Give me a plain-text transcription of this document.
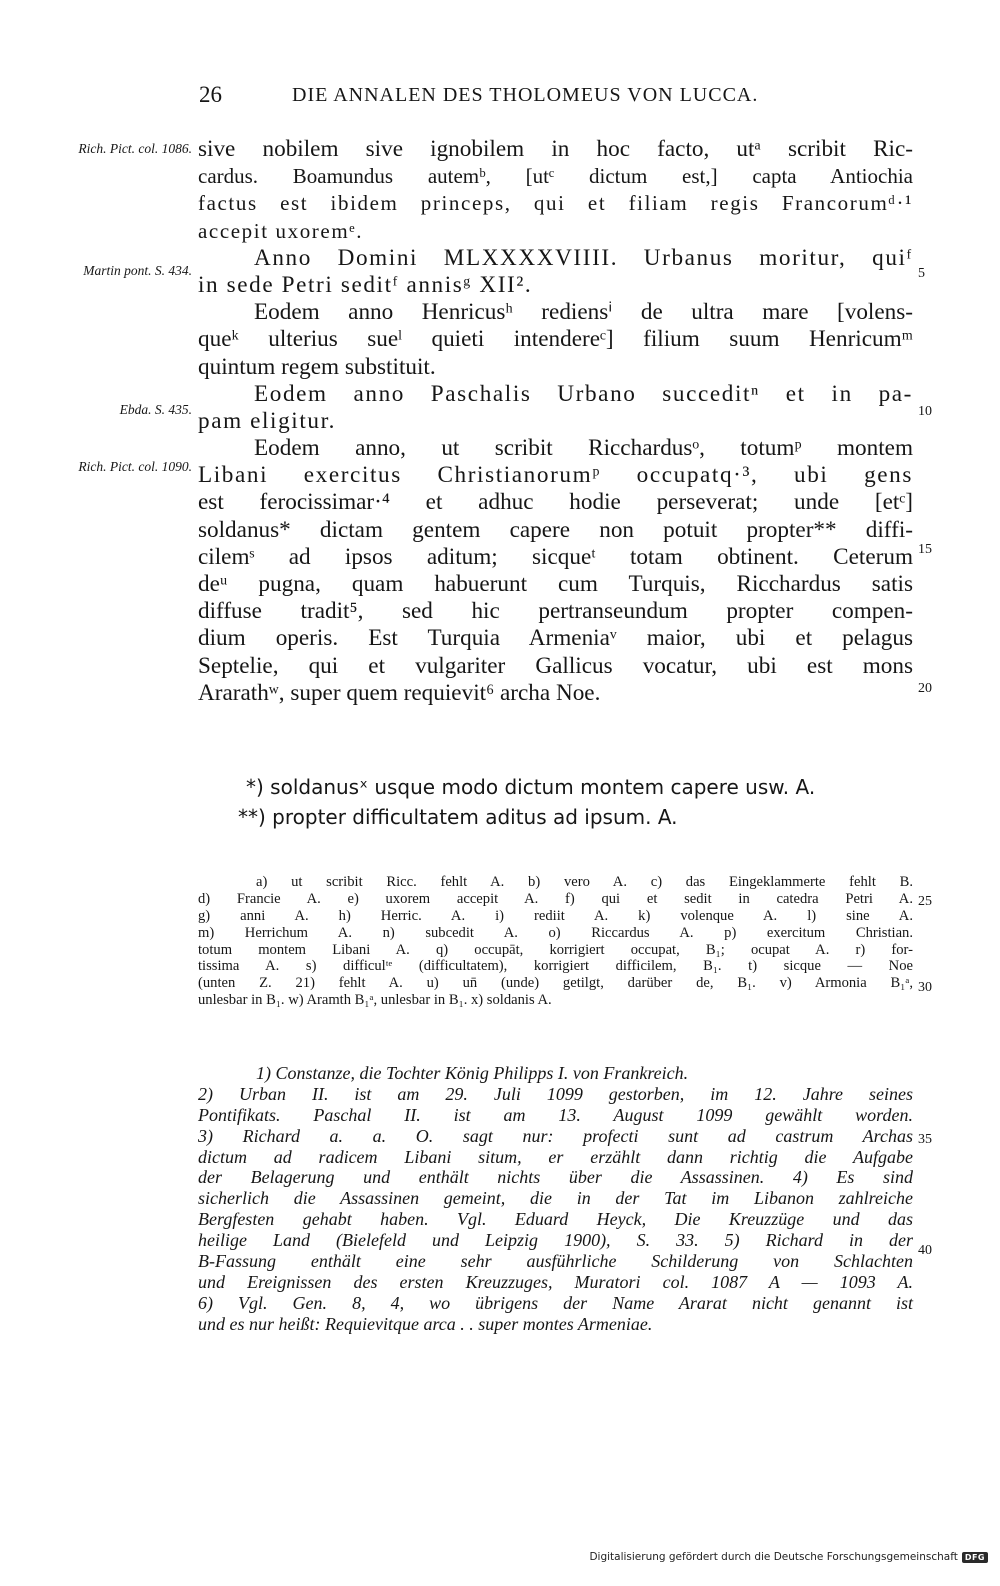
26	DIE ANNALEN DES THOLOMEUS VON LUCCA.
Rich. Pict. col. 1086.
Martin pont. S. 434.
Ebda. S. 435.
Rich. Pict. col. 1090.
5
10
15
20
25
30
35
40
sive nobilem sive ignobilem in hoc facto, utᵃ scribit Ric-
cardus. Boamundus autemᵇ, [utᶜ dictum est,] capta Antiochia
factus est ibidem princeps, qui et filiam regis Francorumᵈ·¹
accepit uxoremᵉ.
Anno Domini MLXXXXVIIII. Urbanus moritur, quiᶠ
in sede Petri seditᶠ annisᵍ XII².
Eodem anno Henricusʰ rediensⁱ de ultra mare [volens-
queᵏ ulterius sueˡ quieti intendereᶜ] filium suum Henricumᵐ
quintum regem substituit.
Eodem anno Paschalis Urbano succeditⁿ et in pa-
pam eligitur.
Eodem anno, ut scribit Ricchardusᵒ, totumᵖ montem
Libani exercitus Christianorumᵖ occupatq·³, ubi gens
est ferocissimar·⁴ et adhuc hodie perseverat; unde [etᶜ]
soldanus* dictam gentem capere non potuit propter** diffi-
cilemˢ ad ipsos aditum; sicqueᵗ totam obtinent. Ceterum
deᵘ pugna, quam habuerunt cum Turquis, Ricchardus satis
diffuse tradit⁵, sed hic pertranseundum propter compen-
dium operis. Est Turquia Armeniaᵛ maior, ubi et pelagus
Septelie, qui et vulgariter Gallicus vocatur, ubi est mons
Ararathʷ, super quem requievit⁶ archa Noe.
*) soldanusˣ usque modo dictum montem capere usw. A.
**) propter difficultatem aditus ad ipsum. A.
a) ut scribit Ricc. fehlt A. b) vero A. c) das Eingeklammerte fehlt B.
d) Francie A. e) uxorem accepit A. f) qui et sedit in catedra Petri A.
g) anni A. h) Herric. A. i) rediit A. k) volenque A. l) sine A.
m) Herrichum A. n) subcedit A. o) Riccardus A. p) exercitum Christian.
totum montem Libani A. q) occupāt, korrigiert occupat, B₁; ocupat A. r) for-
tissima A. s) difficulᵗᵉ (difficultatem), korrigiert difficilem, B₁. t) sicque — Noe
(unten Z. 21) fehlt A. u) un̄ (unde) getilgt, darüber de, B₁. v) Armonia B₁ᵃ,
unlesbar in B₁. w) Aramth B₁ᵃ, unlesbar in B₁. x) soldanis A.
1) Constanze, die Tochter König Philipps I. von Frankreich.
2) Urban II. ist am 29. Juli 1099 gestorben, im 12. Jahre seines
Pontifikats. Paschal II. ist am 13. August 1099 gewählt worden.
3) Richard a. a. O. sagt nur: profecti sunt ad castrum Archas
dictum ad radicem Libani situm, er erzählt dann richtig die Aufgabe
der Belagerung und enthält nichts über die Assassinen. 4) Es sind
sicherlich die Assassinen gemeint, die in der Tat im Libanon zahlreiche
Bergfesten gehabt haben. Vgl. Eduard Heyck, Die Kreuzzüge und das
heilige Land (Bielefeld und Leipzig 1900), S. 33. 5) Richard in der
B-Fassung enthält eine sehr ausführliche Schilderung von Schlachten
und Ereignissen des ersten Kreuzzuges, Muratori col. 1087 A — 1093 A.
6) Vgl. Gen. 8, 4, wo übrigens der Name Ararat nicht genannt ist
und es nur heißt: Requievitque arca . . super montes Armeniae.
Digitalisierung gefördert durch die Deutsche Forschungsgemeinschaft DFG
